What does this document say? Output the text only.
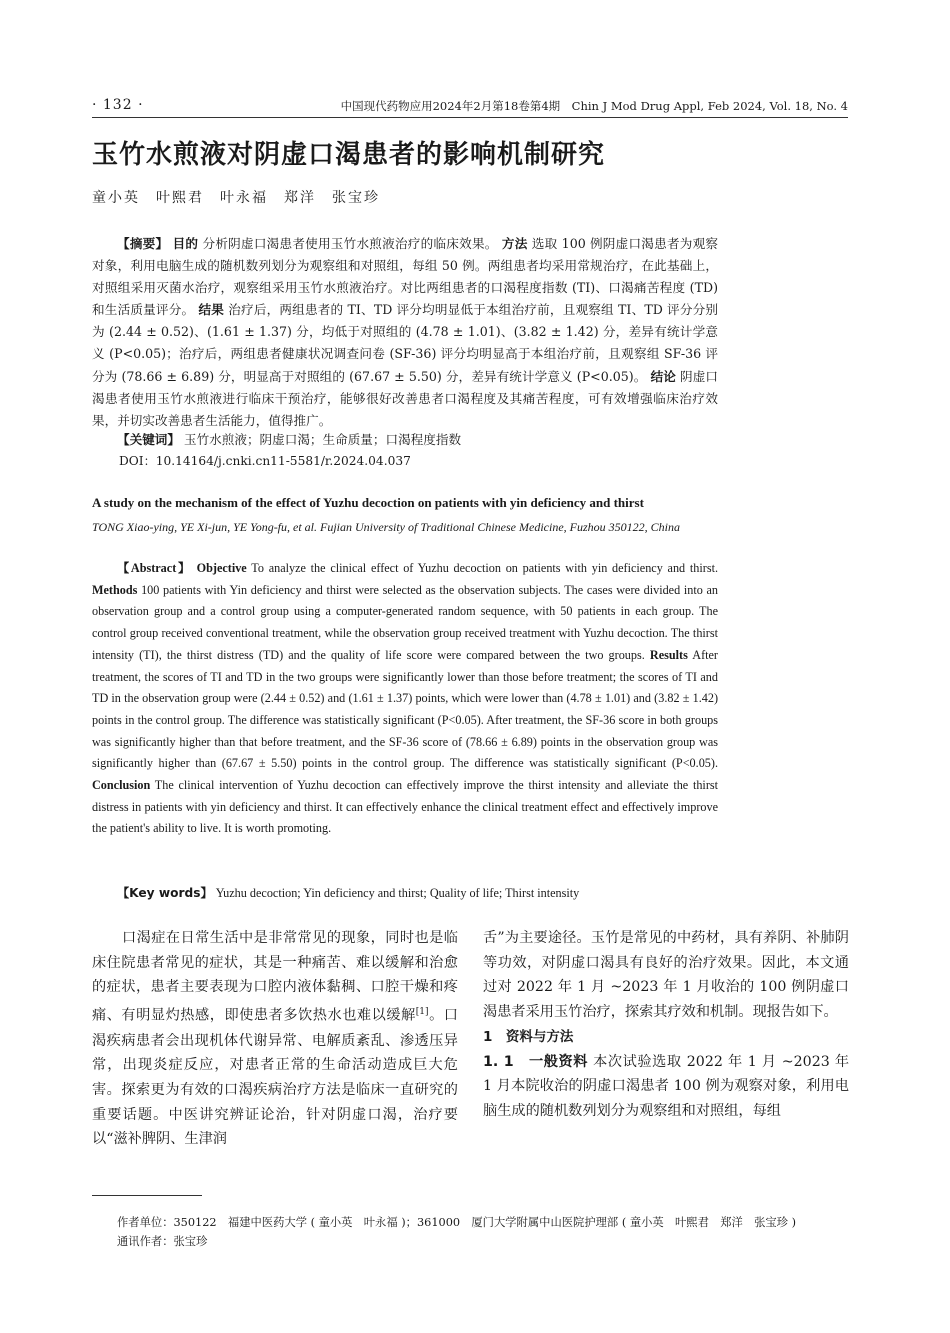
· 132 ·	中国现代药物应用2024年2月第18卷第4期　Chin J Mod Drug Appl, Feb 2024, Vol. 18, No. 4
玉竹水煎液对阴虚口渴患者的影响机制研究
童小英　叶熙君　叶永福　郑洋　张宝珍
【摘要】 目的 分析阴虚口渴患者使用玉竹水煎液治疗的临床效果。 方法 选取 100 例阴虚口渴患者为观察对象，利用电脑生成的随机数列划分为观察组和对照组，每组 50 例。两组患者均采用常规治疗，在此基础上，对照组采用灭菌水治疗，观察组采用玉竹水煎液治疗。对比两组患者的口渴程度指数 (TI)、口渴痛苦程度 (TD) 和生活质量评分。 结果 治疗后，两组患者的 TI、TD 评分均明显低于本组治疗前，且观察组 TI、TD 评分分别为 (2.44 ± 0.52)、(1.61 ± 1.37) 分，均低于对照组的 (4.78 ± 1.01)、(3.82 ± 1.42) 分，差异有统计学意义 (P<0.05)；治疗后，两组患者健康状况调查问卷 (SF-36) 评分均明显高于本组治疗前，且观察组 SF-36 评分为 (78.66 ± 6.89) 分，明显高于对照组的 (67.67 ± 5.50) 分，差异有统计学意义 (P<0.05)。 结论 阴虚口渴患者使用玉竹水煎液进行临床干预治疗，能够很好改善患者口渴程度及其痛苦程度，可有效增强临床治疗效果，并切实改善患者生活能力，值得推广。
【关键词】 玉竹水煎液；阴虚口渴；生命质量；口渴程度指数
DOI：10.14164/j.cnki.cn11-5581/r.2024.04.037
A study on the mechanism of the effect of Yuzhu decoction on patients with yin deficiency and thirst
TONG Xiao-ying, YE Xi-jun, YE Yong-fu, et al. Fujian University of Traditional Chinese Medicine, Fuzhou 350122, China
【Abstract】 Objective To analyze the clinical effect of Yuzhu decoction on patients with yin deficiency and thirst. Methods 100 patients with Yin deficiency and thirst were selected as the observation subjects. The cases were divided into an observation group and a control group using a computer-generated random sequence, with 50 patients in each group. The control group received conventional treatment, while the observation group received treatment with Yuzhu decoction. The thirst intensity (TI), the thirst distress (TD) and the quality of life score were compared between the two groups. Results After treatment, the scores of TI and TD in the two groups were significantly lower than those before treatment; the scores of TI and TD in the observation group were (2.44 ± 0.52) and (1.61 ± 1.37) points, which were lower than (4.78 ± 1.01) and (3.82 ± 1.42) points in the control group. The difference was statistically significant (P<0.05). After treatment, the SF-36 score in both groups was significantly higher than that before treatment, and the SF-36 score of (78.66 ± 6.89) points in the observation group was significantly higher than (67.67 ± 5.50) points in the control group. The difference was statistically significant (P<0.05). Conclusion The clinical intervention of Yuzhu decoction can effectively improve the thirst intensity and alleviate the thirst distress in patients with yin deficiency and thirst. It can effectively enhance the clinical treatment effect and effectively improve the patient's ability to live. It is worth promoting.
【Key words】 Yuzhu decoction; Yin deficiency and thirst; Quality of life; Thirst intensity
口渴症在日常生活中是非常常见的现象，同时也是临床住院患者常见的症状，其是一种痛苦、难以缓解和治愈的症状，患者主要表现为口腔内液体黏稠、口腔干燥和疼痛、有明显灼热感，即使患者多饮热水也难以缓解[1]。口渴疾病患者会出现机体代谢异常、电解质紊乱、渗透压异常，出现炎症反应，对患者正常的生命活动造成巨大危害。探索更为有效的口渴疾病治疗方法是临床一直研究的重要话题。中医讲究辨证论治，针对阴虚口渴，治疗要以“滋补脾阴、生津润
舌”为主要途径。玉竹是常见的中药材，具有养阴、补肺阴等功效，对阴虚口渴具有良好的治疗效果。因此，本文通过对 2022 年 1 月 ~2023 年 1 月收治的 100 例阴虚口渴患者采用玉竹治疗，探索其疗效和机制。现报告如下。
1　资料与方法
1. 1　一般资料 本次试验选取 2022 年 1 月 ~2023 年 1 月本院收治的阴虚口渴患者 100 例为观察对象，利用电脑生成的随机数列划分为观察组和对照组，每组
作者单位：350122　福建中医药大学 ( 童小英　叶永福 )；361000　厦门大学附属中山医院护理部 ( 童小英　叶熙君　郑洋　张宝珍 )
通讯作者：张宝珍
